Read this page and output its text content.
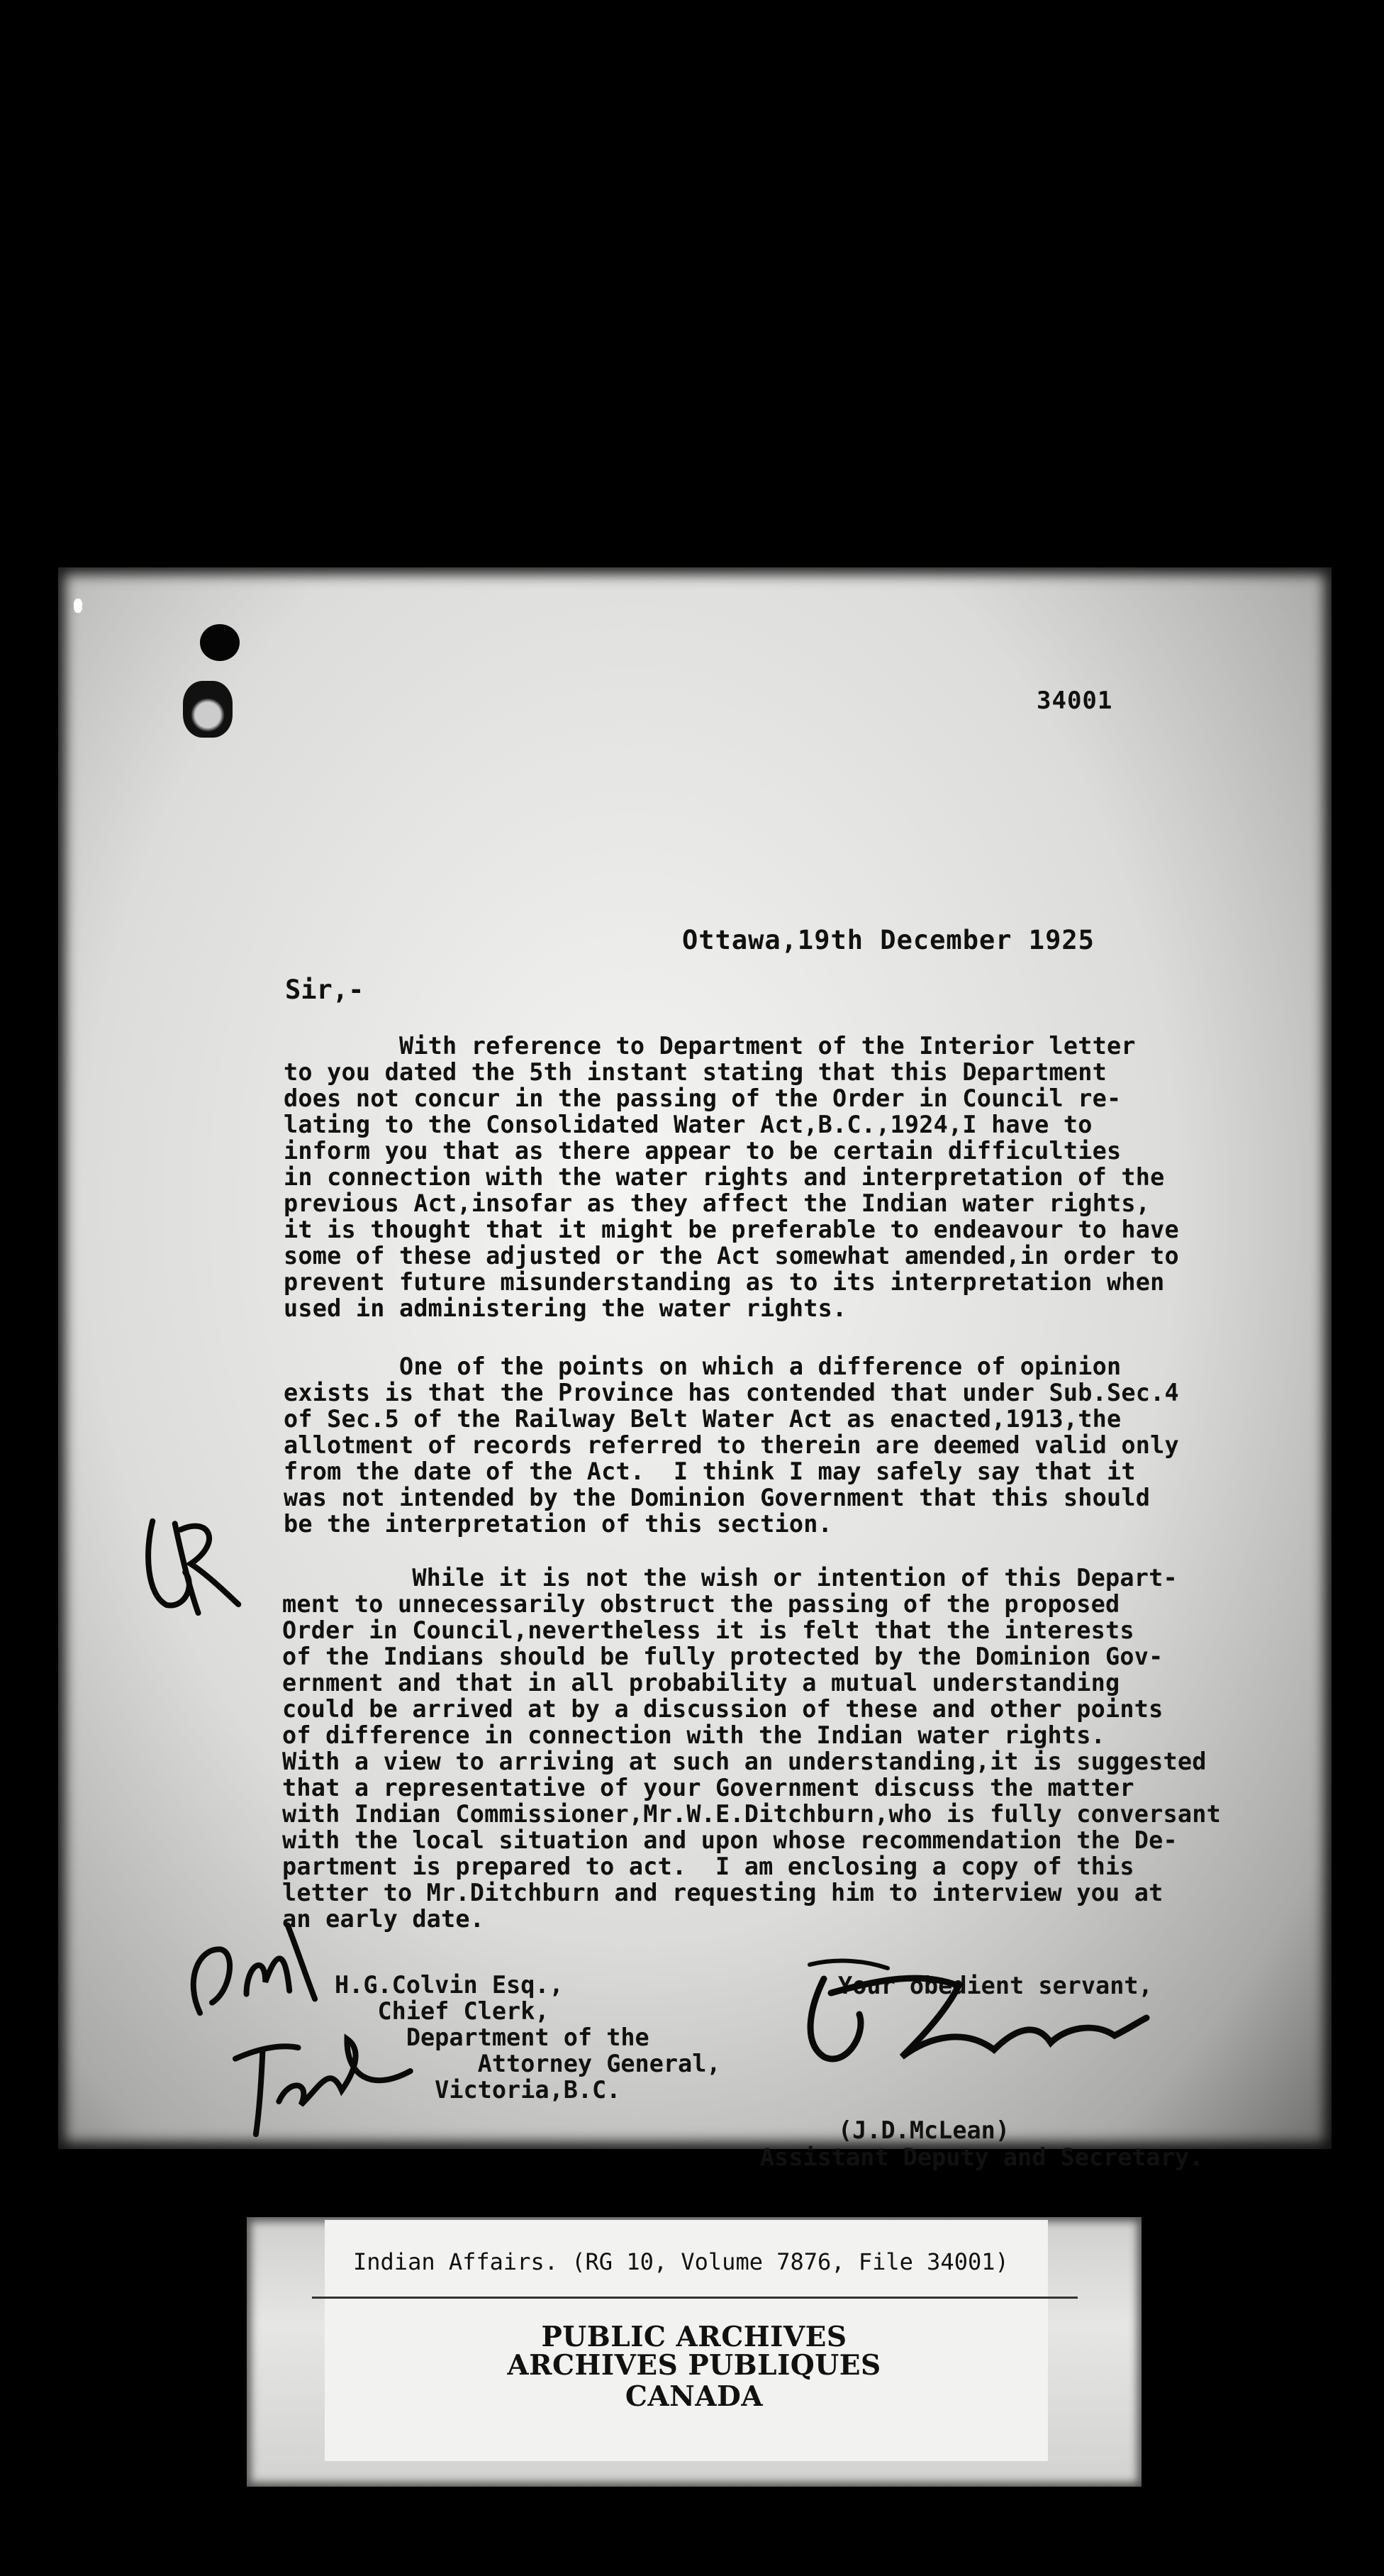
34001
Ottawa,19th December 1925
Sir,-

With reference to Department of the Interior letter
to you dated the 5th instant stating that this Department
does not concur in the passing of the Order in Council re-
lating to the Consolidated Water Act,B.C.,1924,I have to
inform you that as there appear to be certain difficulties
in connection with the water rights and interpretation of the
previous Act,insofar as they affect the Indian water rights,
it is thought that it might be preferable to endeavour to have
some of these adjusted or the Act somewhat amended,in order to
prevent future misunderstanding as to its interpretation when
used in administering the water rights.

One of the points on which a difference of opinion
exists is that the Province has contended that under Sub.Sec.4
of Sec.5 of the Railway Belt Water Act as enacted,1913,the
allotment of records referred to therein are deemed valid only
from the date of the Act.  I think I may safely say that it
was not intended by the Dominion Government that this should
be the interpretation of this section.

While it is not the wish or intention of this Depart-
ment to unnecessarily obstruct the passing of the proposed
Order in Council,nevertheless it is felt that the interests
of the Indians should be fully protected by the Dominion Gov-
ernment and that in all probability a mutual understanding
could be arrived at by a discussion of these and other points
of difference in connection with the Indian water rights.
With a view to arriving at such an understanding,it is suggested
that a representative of your Government discuss the matter
with Indian Commissioner,Mr.W.E.Ditchburn,who is fully conversant
with the local situation and upon whose recommendation the De-
partment is prepared to act.  I am enclosing a copy of this
letter to Mr.Ditchburn and requesting him to interview you at
an early date.

H.G.Colvin Esq.,
Chief Clerk,
Department of the
Attorney General,
Victoria,B.C.
Your obedient servant,
(J.D.McLean)
Assistant Deputy and Secretary.
Indian Affairs. (RG 10, Volume 7876, File 34001)
PUBLIC ARCHIVES
ARCHIVES PUBLIQUES
CANADA
